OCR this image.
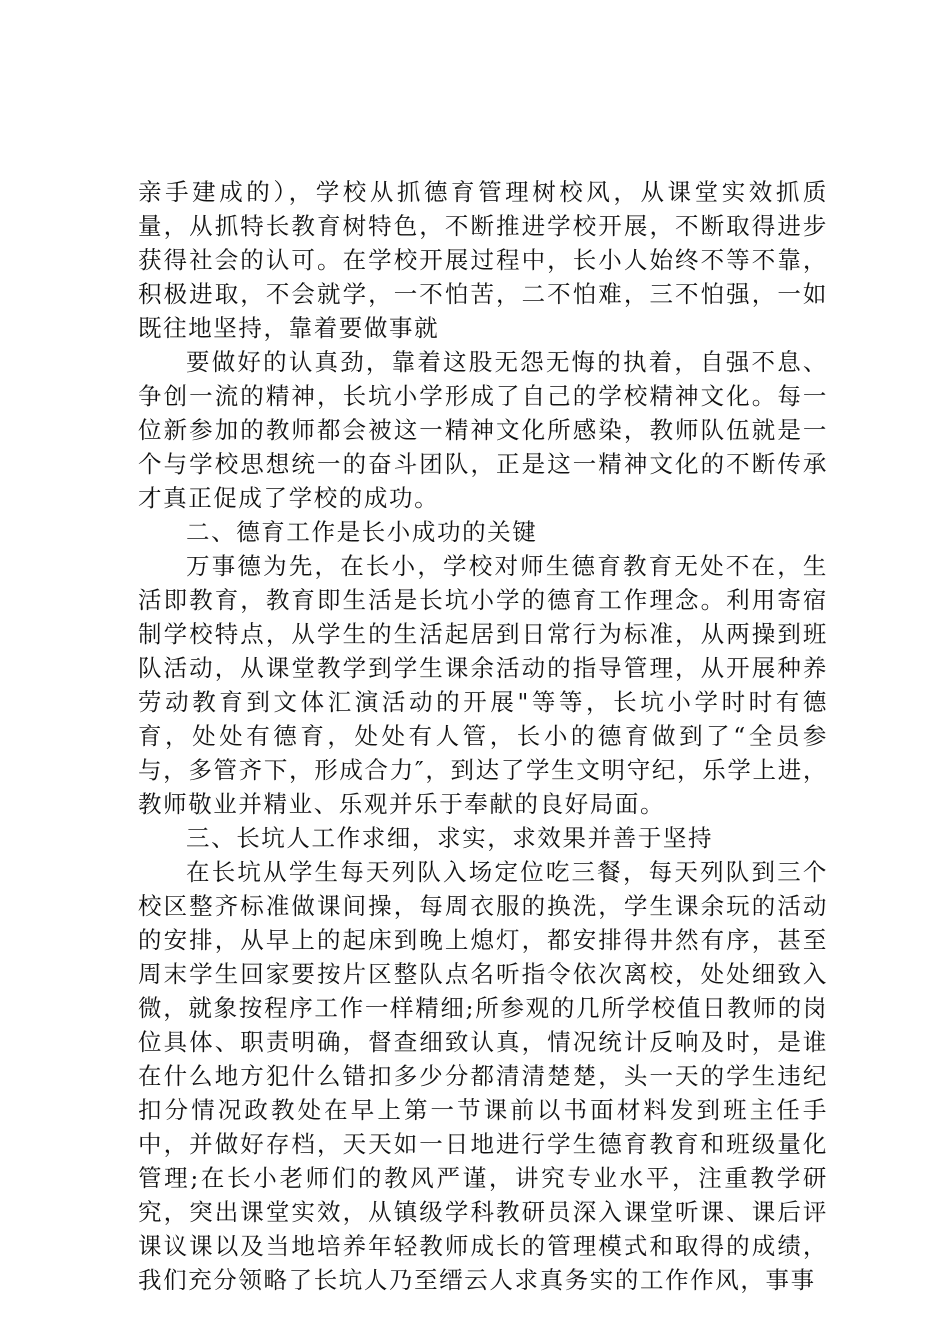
亲手建成的），学校从抓德育管理树校风，从课堂实效抓质量，从抓特长教育树特色，不断推进学校开展，不断取得进步获得社会的认可。在学校开展过程中，长小人始终不等不靠，积极进取，不会就学，一不怕苦，二不怕难，三不怕强，一如既往地坚持，靠着要做事就

要做好的认真劲，靠着这股无怨无悔的执着，自强不息、争创一流的精神，长坑小学形成了自己的学校精神文化。每一位新参加的教师都会被这一精神文化所感染，教师队伍就是一个与学校思想统一的奋斗团队，正是这一精神文化的不断传承才真正促成了学校的成功。

二、德育工作是长小成功的关键

万事德为先，在长小，学校对师生德育教育无处不在，生活即教育，教育即生活是长坑小学的德育工作理念。利用寄宿制学校特点，从学生的生活起居到日常行为标准，从两操到班队活动，从课堂教学到学生课余活动的指导管理，从开展种养劳动教育到文体汇演活动的开展"等等，长坑小学时时有德育，处处有德育，处处有人管，长小的德育做到了“全员参与，多管齐下，形成合力″，到达了学生文明守纪，乐学上进，教师敬业并精业、乐观并乐于奉献的良好局面。

三、长坑人工作求细，求实，求效果并善于坚持

在长坑从学生每天列队入场定位吃三餐，每天列队到三个校区整齐标准做课间操，每周衣服的换洗，学生课余玩的活动的安排，从早上的起床到晚上熄灯，都安排得井然有序，甚至周末学生回家要按片区整队点名听指令依次离校，处处细致入微，就象按程序工作一样精细;所参观的几所学校值日教师的岗位具体、职责明确，督查细致认真，情况统计反响及时，是谁在什么地方犯什么错扣多少分都清清楚楚，头一天的学生违纪扣分情况政教处在早上第一节课前以书面材料发到班主任手中，并做好存档，天天如一日地进行学生德育教育和班级量化管理;在长小老师们的教风严谨，讲究专业水平，注重教学研究，突出课堂实效，从镇级学科教研员深入课堂听课、课后评课议课以及当地培养年轻教师成长的管理模式和取得的成绩，我们充分领略了长坑人乃至缙云人求真务实的工作作风，事事
